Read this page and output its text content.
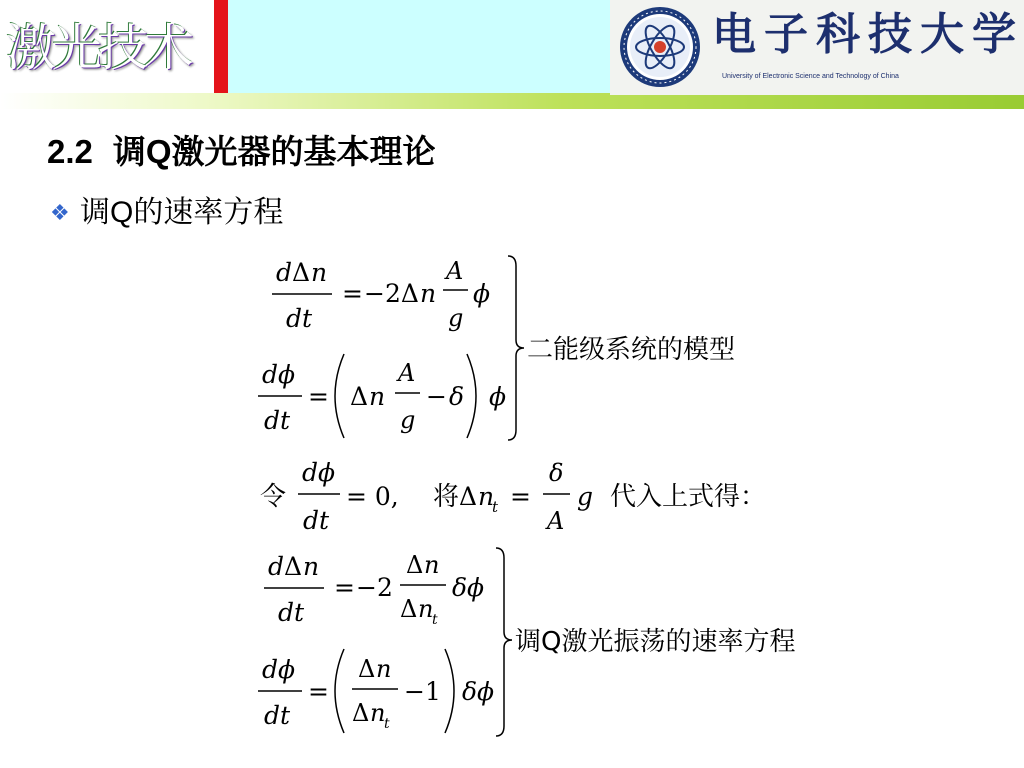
激光技术	电子科技大学
University of Electronic Science and Technology of China
2.2 调Q激光器的基本理论
❖ 调Q的速率方程
d Δ n
dt
= −2Δ n
A
g
ϕ
dϕ
dt
= Δ n
A
g
− δ ϕ
二能级系统的模型
令
dϕ
dt
= 0, 将 Δ n
t =
δ
A
g 代入上式得：
d Δ n
dt
= −2
Δ n
Δ n
t
δϕ
dϕ
dt
=
Δ n
Δ n
t
−1 δϕ
调Q激光振荡的速率方程
